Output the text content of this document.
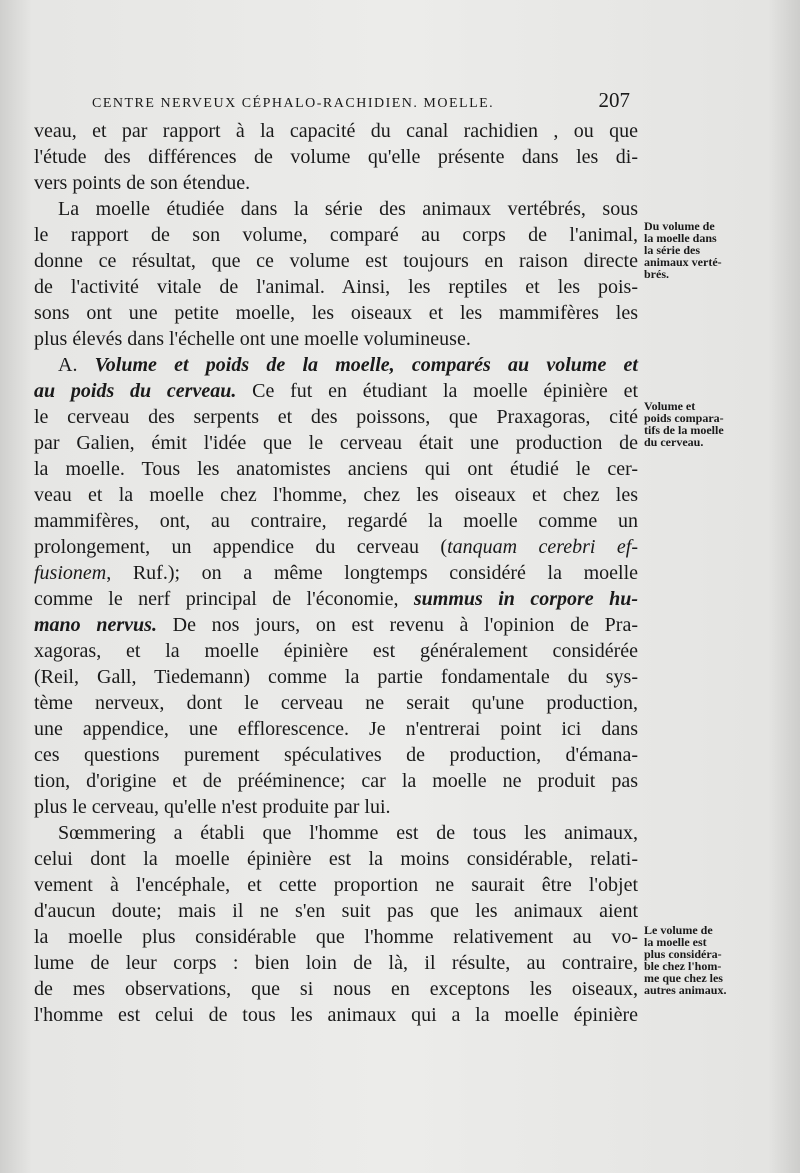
CENTRE NERVEUX CÉPHALO-RACHIDIEN. MOELLE.	207
veau, et par rapport à la capacité du canal rachidien , ou que
l'étude des différences de volume qu'elle présente dans les di-
vers points de son étendue.
La moelle étudiée dans la série des animaux vertébrés, sous
le rapport de son volume, comparé au corps de l'animal,
donne ce résultat, que ce volume est toujours en raison directe
de l'activité vitale de l'animal. Ainsi, les reptiles et les pois-
sons ont une petite moelle, les oiseaux et les mammifères les
plus élevés dans l'échelle ont une moelle volumineuse.
A. Volume et poids de la moelle, comparés au volume et
au poids du cerveau. Ce fut en étudiant la moelle épinière et
le cerveau des serpents et des poissons, que Praxagoras, cité
par Galien, émit l'idée que le cerveau était une production de
la moelle. Tous les anatomistes anciens qui ont étudié le cer-
veau et la moelle chez l'homme, chez les oiseaux et chez les
mammifères, ont, au contraire, regardé la moelle comme un
prolongement, un appendice du cerveau (tanquam cerebri ef-
fusionem, Ruf.); on a même longtemps considéré la moelle
comme le nerf principal de l'économie, summus in corpore hu-
mano nervus. De nos jours, on est revenu à l'opinion de Pra-
xagoras, et la moelle épinière est généralement considérée
(Reil, Gall, Tiedemann) comme la partie fondamentale du sys-
tème nerveux, dont le cerveau ne serait qu'une production,
une appendice, une efflorescence. Je n'entrerai point ici dans
ces questions purement spéculatives de production, d'émana-
tion, d'origine et de prééminence; car la moelle ne produit pas
plus le cerveau, qu'elle n'est produite par lui.
Sœmmering a établi que l'homme est de tous les animaux,
celui dont la moelle épinière est la moins considérable, relati-
vement à l'encéphale, et cette proportion ne saurait être l'objet
d'aucun doute; mais il ne s'en suit pas que les animaux aient
la moelle plus considérable que l'homme relativement au vo-
lume de leur corps : bien loin de là, il résulte, au contraire,
de mes observations, que si nous en exceptons les oiseaux,
l'homme est celui de tous les animaux qui a la moelle épinière
Du volume de
la moelle dans
la série des
animaux verté-
brés.
Volume et
poids compara-
tifs de la moelle
du cerveau.
Le volume de
la moelle est
plus considéra-
ble chez l'hom-
me que chez les
autres animaux.
